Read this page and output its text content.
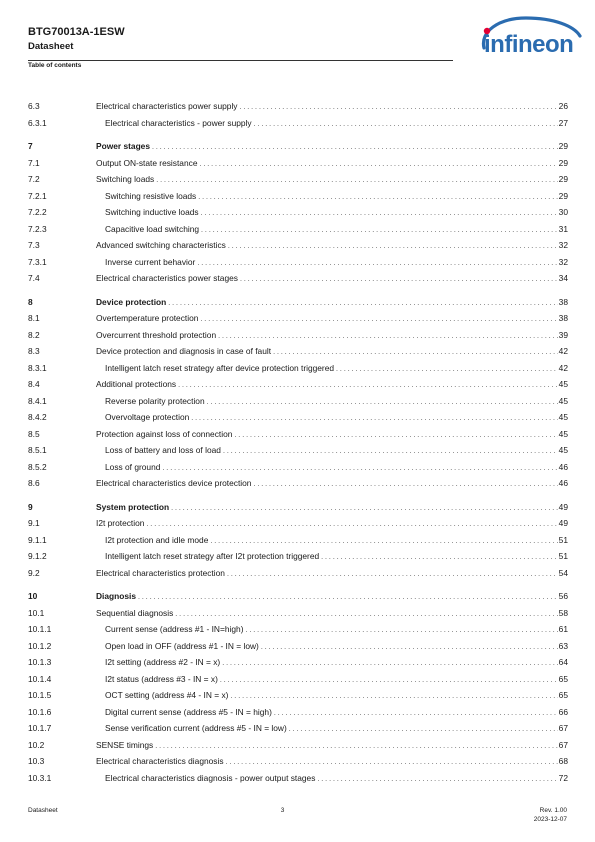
BTG70013A-1ESW
Datasheet
Table of contents
infineon
6.3	Electrical characteristics power supply . . .	26
6.3.1	Electrical characteristics - power supply . . .	27
7	Power stages . . .	29
7.1	Output ON-state resistance . . .	29
7.2	Switching loads . . .	29
7.2.1	Switching resistive loads . . .	29
7.2.2	Switching inductive loads . . .	30
7.2.3	Capacitive load switching . . .	31
7.3	Advanced switching characteristics . . .	32
7.3.1	Inverse current behavior . . .	32
7.4	Electrical characteristics power stages . . .	34
8	Device protection . . .	38
8.1	Overtemperature protection . . .	38
8.2	Overcurrent threshold protection . . .	39
8.3	Device protection and diagnosis in case of fault . . .	42
8.3.1	Intelligent latch reset strategy after device protection triggered . . .	42
8.4	Additional protections . . .	45
8.4.1	Reverse polarity protection . . .	45
8.4.2	Overvoltage protection . . .	45
8.5	Protection against loss of connection . . .	45
8.5.1	Loss of battery and loss of load . . .	45
8.5.2	Loss of ground . . .	46
8.6	Electrical characteristics device protection . . .	46
9	System protection . . .	49
9.1	I2t protection . . .	49
9.1.1	I2t protection and idle mode . . .	51
9.1.2	Intelligent latch reset strategy after I2t protection triggered . . .	51
9.2	Electrical characteristics protection . . .	54
10	Diagnosis . . .	56
10.1	Sequential diagnosis . . .	58
10.1.1	Current sense (address #1 - IN=high) . . .	61
10.1.2	Open load in OFF (address #1 - IN = low) . . .	63
10.1.3	I2t setting (address #2 - IN = x) . . .	64
10.1.4	I2t status (address #3 - IN = x) . . .	65
10.1.5	OCT setting (address #4 - IN = x) . . .	65
10.1.6	Digital current sense (address #5 - IN = high) . . .	66
10.1.7	Sense verification current (address #5 - IN = low) . . .	67
10.2	SENSE timings . . .	67
10.3	Electrical characteristics diagnosis . . .	68
10.3.1	Electrical characteristics diagnosis - power output stages . . .	72
Datasheet	3	Rev. 1.00
2023-12-07
